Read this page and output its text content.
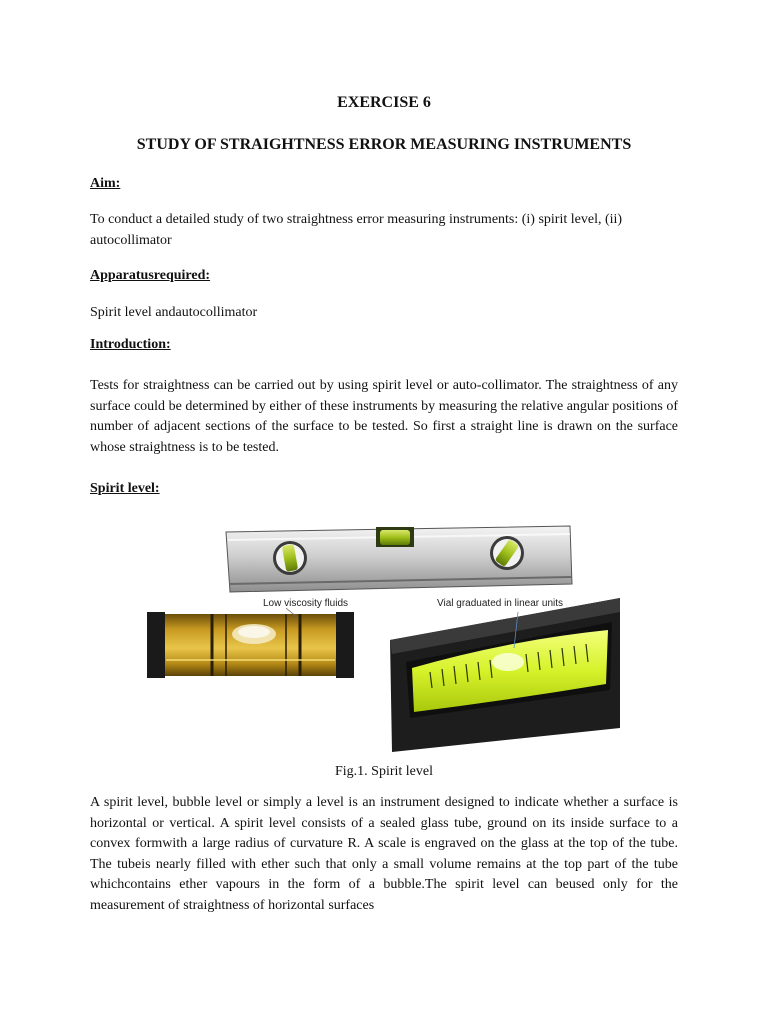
EXERCISE 6
STUDY OF STRAIGHTNESS ERROR MEASURING INSTRUMENTS
Aim:

To conduct a detailed study of two straightness error measuring instruments: (i) spirit level, (ii) autocollimator

Apparatusrequired:

Spirit level andautocollimator

Introduction:

Tests for straightness can be carried out by using spirit level or auto-collimator. The straightness of any surface could be determined by either of these instruments by measuring the relative angular positions of number of adjacent sections of the surface to be tested. So first a straight line is drawn on the surface whose straightness is to be tested.

Spirit level:
Low viscosity fluids	Vial graduated in linear units
Fig.1. Spirit level

A spirit level, bubble level or simply a level is an instrument designed to indicate whether a surface is horizontal or vertical. A spirit level consists of a sealed glass tube, ground on its inside surface to a convex formwith a large radius of curvature R. A scale is engraved on the glass at the top of the tube. The tubeis nearly filled with ether such that only a small volume remains at the top part of the tube whichcontains ether vapours in the form of a bubble.The spirit level can beused only for the measurement of straightness of horizontal surfaces
